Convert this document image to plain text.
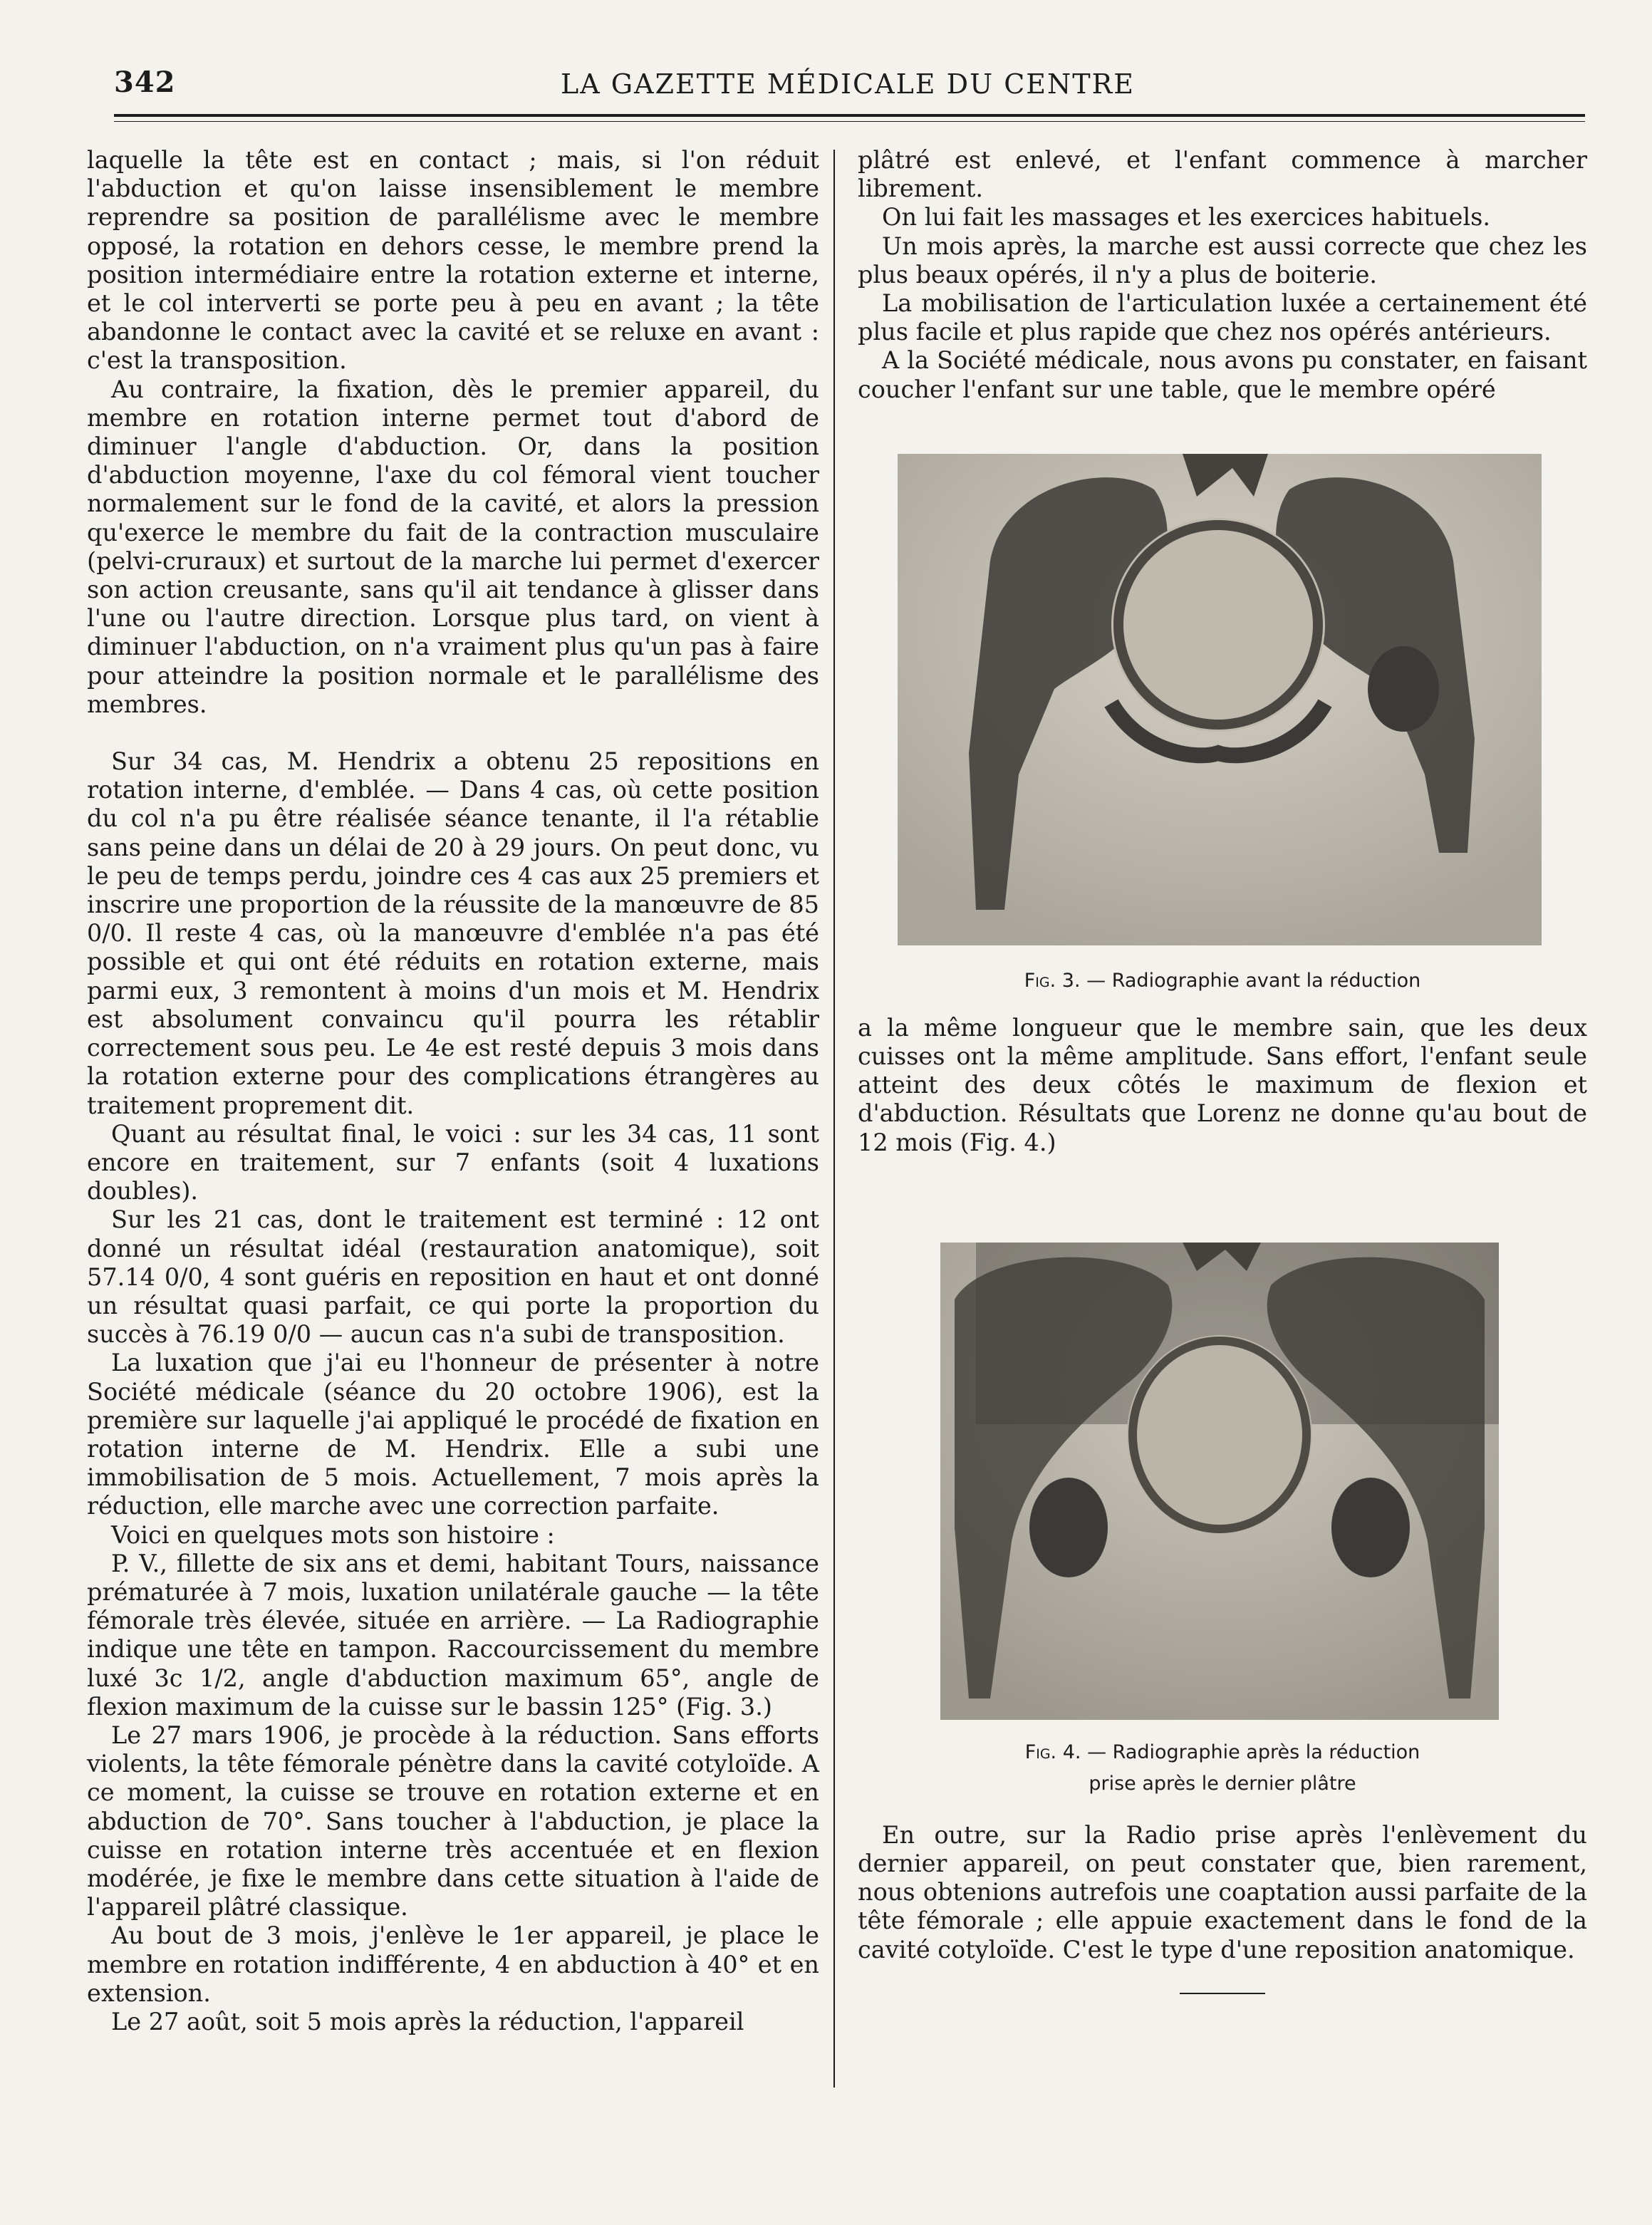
342	LA GAZETTE MÉDICALE DU CENTRE

laquelle la tête est en contact ; mais, si l'on réduit l'abduction et qu'on laisse insensiblement le membre reprendre sa position de parallélisme avec le membre opposé, la rotation en dehors cesse, le membre prend la position intermédiaire entre la rotation externe et interne, et le col interverti se porte peu à peu en avant ; la tête abandonne le contact avec la cavité et se reluxe en avant : c'est la transposition.

Au contraire, la fixation, dès le premier appareil, du membre en rotation interne permet tout d'abord de diminuer l'angle d'abduction. Or, dans la position d'abduction moyenne, l'axe du col fémoral vient toucher normalement sur le fond de la cavité, et alors la pression qu'exerce le membre du fait de la contraction musculaire (pelvi-cruraux) et surtout de la marche lui permet d'exercer son action creusante, sans qu'il ait tendance à glisser dans l'une ou l'autre direction. Lorsque plus tard, on vient à diminuer l'abduction, on n'a vraiment plus qu'un pas à faire pour atteindre la position normale et le parallélisme des membres.

Sur 34 cas, M. Hendrix a obtenu 25 repositions en rotation interne, d'emblée. — Dans 4 cas, où cette position du col n'a pu être réalisée séance tenante, il l'a rétablie sans peine dans un délai de 20 à 29 jours. On peut donc, vu le peu de temps perdu, joindre ces 4 cas aux 25 premiers et inscrire une proportion de la réussite de la manœuvre de 85 0/0. Il reste 4 cas, où la manœuvre d'emblée n'a pas été possible et qui ont été réduits en rotation externe, mais parmi eux, 3 remontent à moins d'un mois et M. Hendrix est absolument convaincu qu'il pourra les rétablir correctement sous peu. Le 4e est resté depuis 3 mois dans la rotation externe pour des complications étrangères au traitement proprement dit.

Quant au résultat final, le voici : sur les 34 cas, 11 sont encore en traitement, sur 7 enfants (soit 4 luxations doubles).

Sur les 21 cas, dont le traitement est terminé : 12 ont donné un résultat idéal (restauration anatomique), soit 57.14 0/0, 4 sont guéris en reposition en haut et ont donné un résultat quasi parfait, ce qui porte la proportion du succès à 76.19 0/0 — aucun cas n'a subi de transposition.

La luxation que j'ai eu l'honneur de présenter à notre Société médicale (séance du 20 octobre 1906), est la première sur laquelle j'ai appliqué le procédé de fixation en rotation interne de M. Hendrix. Elle a subi une immobilisation de 5 mois. Actuellement, 7 mois après la réduction, elle marche avec une correction parfaite.

Voici en quelques mots son histoire :

P. V., fillette de six ans et demi, habitant Tours, naissance prématurée à 7 mois, luxation unilatérale gauche — la tête fémorale très élevée, située en arrière. — La Radiographie indique une tête en tampon. Raccourcissement du membre luxé 3c 1/2, angle d'abduction maximum 65°, angle de flexion maximum de la cuisse sur le bassin 125° (Fig. 3.)

Le 27 mars 1906, je procède à la réduction. Sans efforts violents, la tête fémorale pénètre dans la cavité cotyloïde. A ce moment, la cuisse se trouve en rotation externe et en abduction de 70°. Sans toucher à l'abduction, je place la cuisse en rotation interne très accentuée et en flexion modérée, je fixe le membre dans cette situation à l'aide de l'appareil plâtré classique.

Au bout de 3 mois, j'enlève le 1er appareil, je place le membre en rotation indifférente, 4 en abduction à 40° et en extension.

Le 27 août, soit 5 mois après la réduction, l'appareil

plâtré est enlevé, et l'enfant commence à marcher librement.

On lui fait les massages et les exercices habituels.

Un mois après, la marche est aussi correcte que chez les plus beaux opérés, il n'y a plus de boiterie.

La mobilisation de l'articulation luxée a certainement été plus facile et plus rapide que chez nos opérés antérieurs.

A la Société médicale, nous avons pu constater, en faisant coucher l'enfant sur une table, que le membre opéré

Fig. 3. — Radiographie avant la réduction

a la même longueur que le membre sain, que les deux cuisses ont la même amplitude. Sans effort, l'enfant seule atteint des deux côtés le maximum de flexion et d'abduction. Résultats que Lorenz ne donne qu'au bout de 12 mois (Fig. 4.)

Fig. 4. — Radiographie après la réduction

prise après le dernier plâtre

En outre, sur la Radio prise après l'enlèvement du dernier appareil, on peut constater que, bien rarement, nous obtenions autrefois une coaptation aussi parfaite de la tête fémorale ; elle appuie exactement dans le fond de la cavité cotyloïde. C'est le type d'une reposition anatomique.
